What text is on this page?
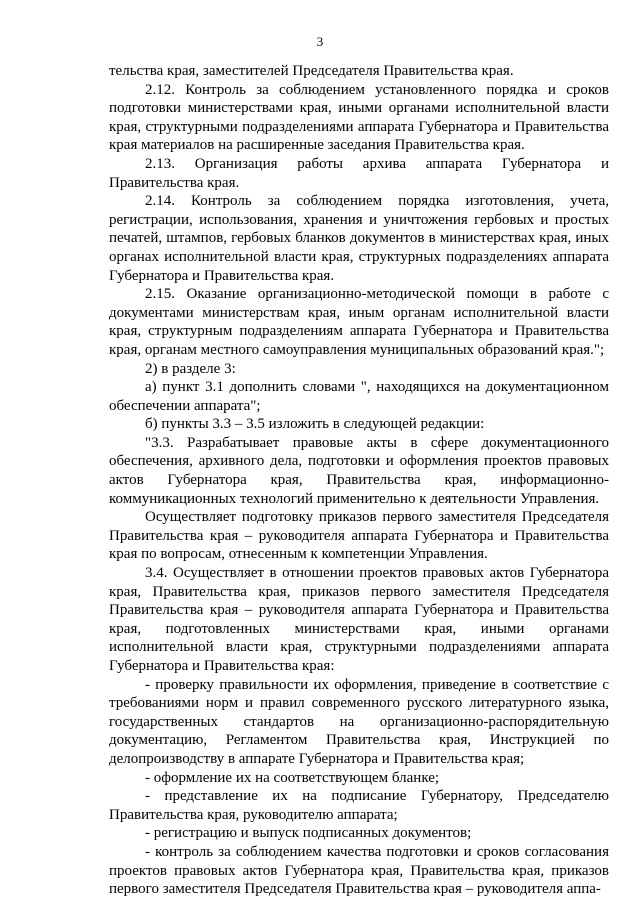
3

тельства края, заместителей Председателя Правительства края.

2.12. Контроль за соблюдением установленного порядка и сроков подготовки министерствами края, иными органами исполнительной власти края, структурными подразделениями аппарата Губернатора и Правительства края материалов на расширенные заседания Правительства края.

2.13. Организация работы архива аппарата Губернатора и Правительства края.

2.14. Контроль за соблюдением порядка изготовления, учета, регистрации, использования, хранения и уничтожения гербовых и простых печатей, штампов, гербовых бланков документов в министерствах края, иных органах исполнительной власти края, структурных подразделениях аппарата Губернатора и Правительства края.

2.15. Оказание организационно-методической помощи в работе с документами министерствам края, иным органам исполнительной власти края, структурным подразделениям аппарата Губернатора и Правительства края, органам местного самоуправления муниципальных образований края.";

2) в разделе 3:

а) пункт 3.1 дополнить словами ", находящихся на документационном обеспечении аппарата";

б) пункты 3.3 – 3.5 изложить в следующей редакции:

"3.3. Разрабатывает правовые акты в сфере документационного обеспечения, архивного дела, подготовки и оформления проектов правовых актов Губернатора края, Правительства края, информационно-коммуникационных технологий применительно к деятельности Управления.

Осуществляет подготовку приказов первого заместителя Председателя Правительства края – руководителя аппарата Губернатора и Правительства края по вопросам, отнесенным к компетенции Управления.

3.4. Осуществляет в отношении проектов правовых актов Губернатора края, Правительства края, приказов первого заместителя Председателя Правительства края – руководителя аппарата Губернатора и Правительства края, подготовленных министерствами края, иными органами исполнительной власти края, структурными подразделениями аппарата Губернатора и Правительства края:

- проверку правильности их оформления, приведение в соответствие с требованиями норм и правил современного русского литературного языка, государственных стандартов на организационно-распорядительную документацию, Регламентом Правительства края, Инструкцией по делопроизводству в аппарате Губернатора и Правительства края;

- оформление их на соответствующем бланке;

- представление их на подписание Губернатору, Председателю Правительства края, руководителю аппарата;

- регистрацию и выпуск подписанных документов;

- контроль за соблюдением качества подготовки и сроков согласования проектов правовых актов Губернатора края, Правительства края, приказов первого заместителя Председателя Правительства края – руководителя аппа-
